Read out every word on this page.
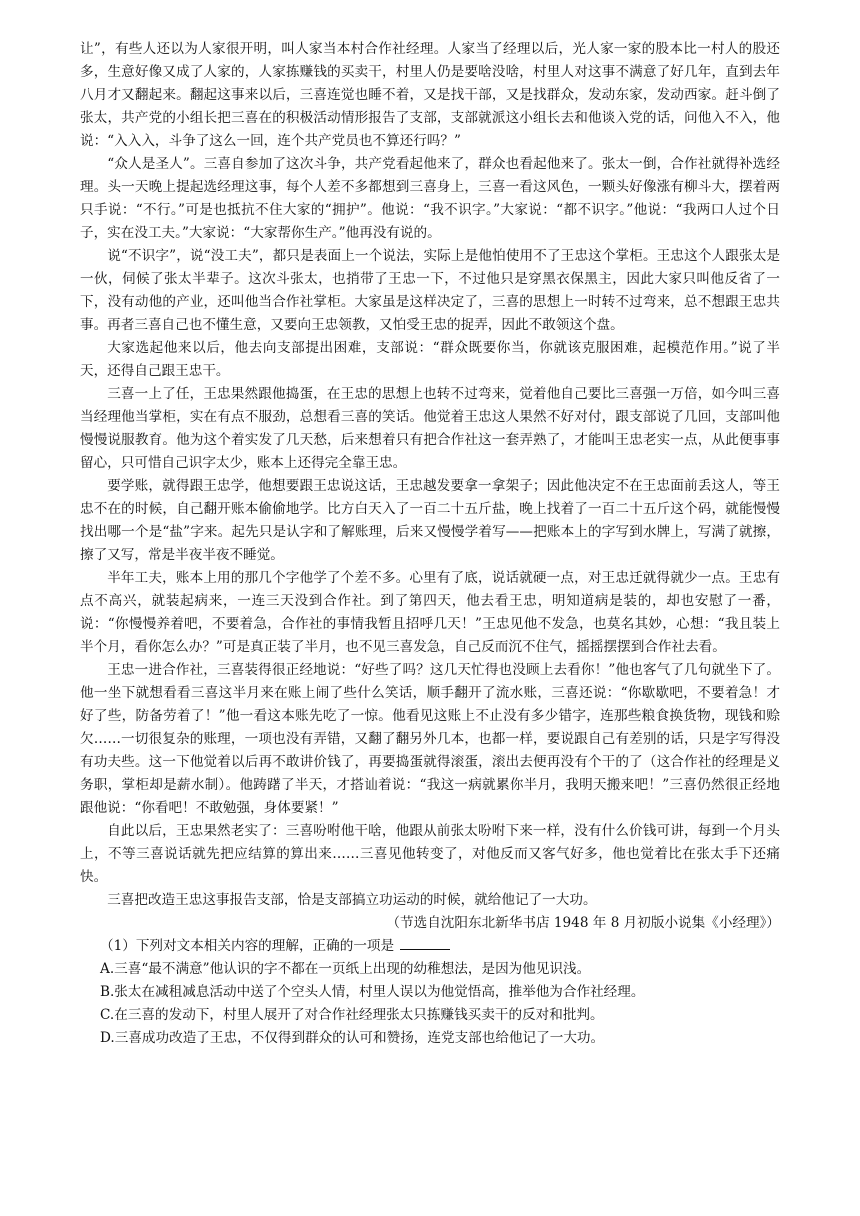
让”，有些人还以为人家很开明，叫人家当本村合作社经理。人家当了经理以后，光人家一家的股本比一村人的股还多，生意好像又成了人家的，人家拣赚钱的买卖干，村里人仍是要啥没啥，村里人对这事不满意了好几年，直到去年八月才又翻起来。翻起这事来以后，三喜连觉也睡不着，又是找干部，又是找群众，发动东家，发动西家。赶斗倒了张太，共产党的小组长把三喜在的积极活动情形报告了支部，支部就派这小组长去和他谈入党的话，问他入不入，他说：“入入入，斗争了这么一回，连个共产党员也不算还行吗？”

“众人是圣人”。三喜自参加了这次斗争，共产党看起他来了，群众也看起他来了。张太一倒，合作社就得补选经理。头一天晚上提起选经理这事，每个人差不多都想到三喜身上，三喜一看这风色，一颗头好像涨有柳斗大，摆着两只手说：“不行。”可是也抵抗不住大家的“拥护”。他说：“我不识字。”大家说：“都不识字。”他说：“我两口人过个日子，实在没工夫。”大家说：“大家帮你生产。”他再没有说的。

说“不识字”，说“没工夫”，都只是表面上一个说法，实际上是他怕使用不了王忠这个掌柜。王忠这个人跟张太是一伙，伺候了张太半辈子。这次斗张太，也捎带了王忠一下，不过他只是穿黑衣保黑主，因此大家只叫他反省了一下，没有动他的产业，还叫他当合作社掌柜。大家虽是这样决定了，三喜的思想上一时转不过弯来，总不想跟王忠共事。再者三喜自己也不懂生意，又要向王忠领教，又怕受王忠的捉弄，因此不敢领这个盘。

大家选起他来以后，他去向支部提出困难，支部说：“群众既要你当，你就该克服困难，起模范作用。”说了半天，还得自己跟王忠干。

三喜一上了任，王忠果然跟他捣蛋，在王忠的思想上也转不过弯来，觉着他自己要比三喜强一万倍，如今叫三喜当经理他当掌柜，实在有点不服劲，总想看三喜的笑话。他觉着王忠这人果然不好对付，跟支部说了几回，支部叫他慢慢说服教育。他为这个着实发了几天愁，后来想着只有把合作社这一套弄熟了，才能叫王忠老实一点，从此便事事留心，只可惜自己识字太少，账本上还得完全靠王忠。

要学账，就得跟王忠学，他想要跟王忠说这话，王忠越发要拿一拿架子；因此他决定不在王忠面前丢这人，等王忠不在的时候，自己翻开账本偷偷地学。比方白天入了一百二十五斤盐，晚上找着了一百二十五斤这个码，就能慢慢找出哪一个是“盐”字来。起先只是认字和了解账理，后来又慢慢学着写——把账本上的字写到水牌上，写满了就擦，擦了又写，常是半夜半夜不睡觉。

半年工夫，账本上用的那几个字他学了个差不多。心里有了底，说话就硬一点，对王忠迁就得就少一点。王忠有点不高兴，就装起病来，一连三天没到合作社。到了第四天，他去看王忠，明知道病是装的，却也安慰了一番，说：“你慢慢养着吧，不要着急，合作社的事情我暂且招呼几天！”王忠见他不发急，也莫名其妙，心想：“我且装上半个月，看你怎么办？”可是真正装了半月，也不见三喜发急，自己反而沉不住气，摇摇摆摆到合作社去看。

王忠一进合作社，三喜装得很正经地说：“好些了吗？这几天忙得也没顾上去看你！”他也客气了几句就坐下了。他一坐下就想看看三喜这半月来在账上闹了些什么笑话，顺手翻开了流水账，三喜还说：“你歇歇吧，不要着急！才好了些，防备劳着了！”他一看这本账先吃了一惊。他看见这账上不止没有多少错字，连那些粮食换货物，现钱和赊欠……一切很复杂的账理，一项也没有弄错，又翻了翻另外几本，也都一样，要说跟自己有差别的话，只是字写得没有功夫些。这一下他觉着以后再不敢讲价钱了，再要捣蛋就得滚蛋，滚出去便再没有个干的了（这合作社的经理是义务职，掌柜却是薪水制）。他踌躇了半天，才搭讪着说：“我这一病就累你半月，我明天搬来吧！”三喜仍然很正经地跟他说：“你看吧！不敢勉强，身体要紧！”

自此以后，王忠果然老实了：三喜吩咐他干啥，他跟从前张太吩咐下来一样，没有什么价钱可讲，每到一个月头上，不等三喜说话就先把应结算的算出来……三喜见他转变了，对他反而又客气好多，他也觉着比在张太手下还痛快。

三喜把改造王忠这事报告支部，恰是支部搞立功运动的时候，就给他记了一大功。

（节选自沈阳东北新华书店 1948 年 8 月初版小说集《小经理》）

（1）下列对文本相关内容的理解，正确的一项是

A.三喜“最不满意”他认识的字不都在一页纸上出现的幼稚想法，是因为他见识浅。

B.张太在减租减息活动中送了个空头人情，村里人误以为他觉悟高，推举他为合作社经理。

C.在三喜的发动下，村里人展开了对合作社经理张太只拣赚钱买卖干的反对和批判。

D.三喜成功改造了王忠，不仅得到群众的认可和赞扬，连党支部也给他记了一大功。
